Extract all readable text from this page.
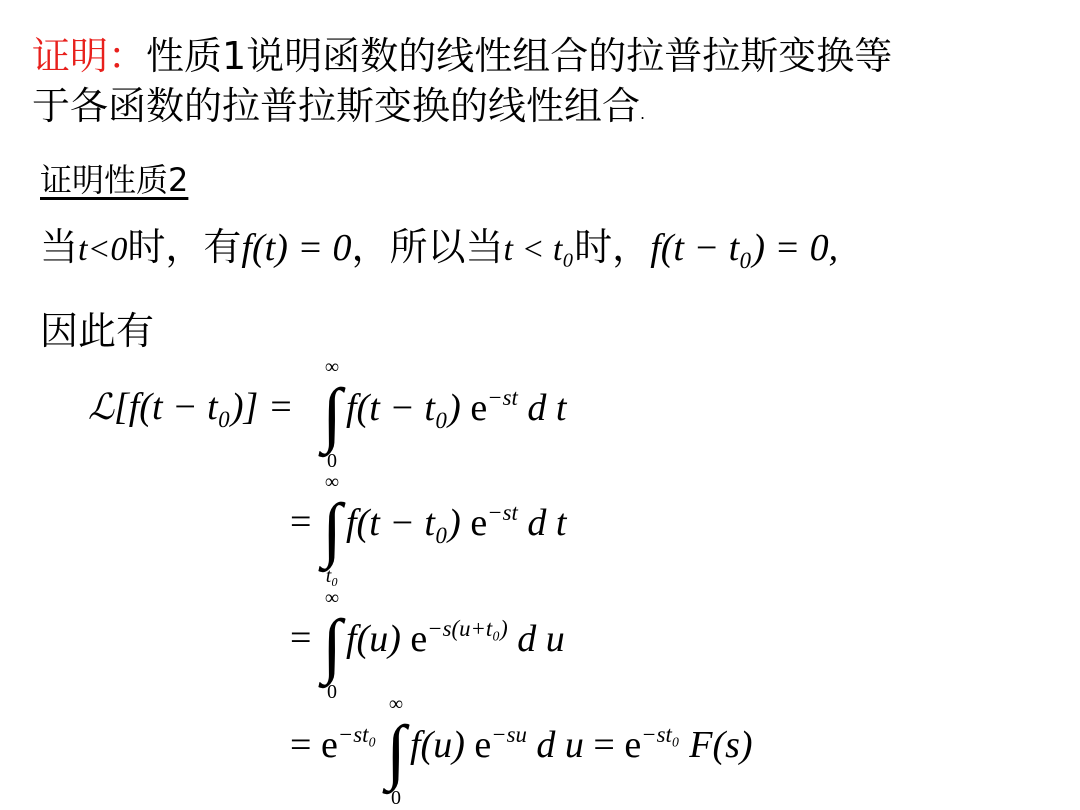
证明：性质1说明函数的线性组合的拉普拉斯变换等
于各函数的拉普拉斯变换的线性组合.
证明性质2
当t<0时，有f(t) = 0，所以当t < t₀时，f(t − t₀) = 0,
因此有
ℒ[f(t − t₀)] =
∞
∫
0
f(t − t₀) $e^{-st}$ d t
=
∞
∫
t₀
f(t − t₀) $e^{-st}$ d t
=
∞
∫
0
f(u) $e^{-s(u+t_0)}$ d u
= $e^{-st_0}$
∞
∫
0
f(u) $e^{-su}$ d $u = e^{-st_0}$ F(s)
